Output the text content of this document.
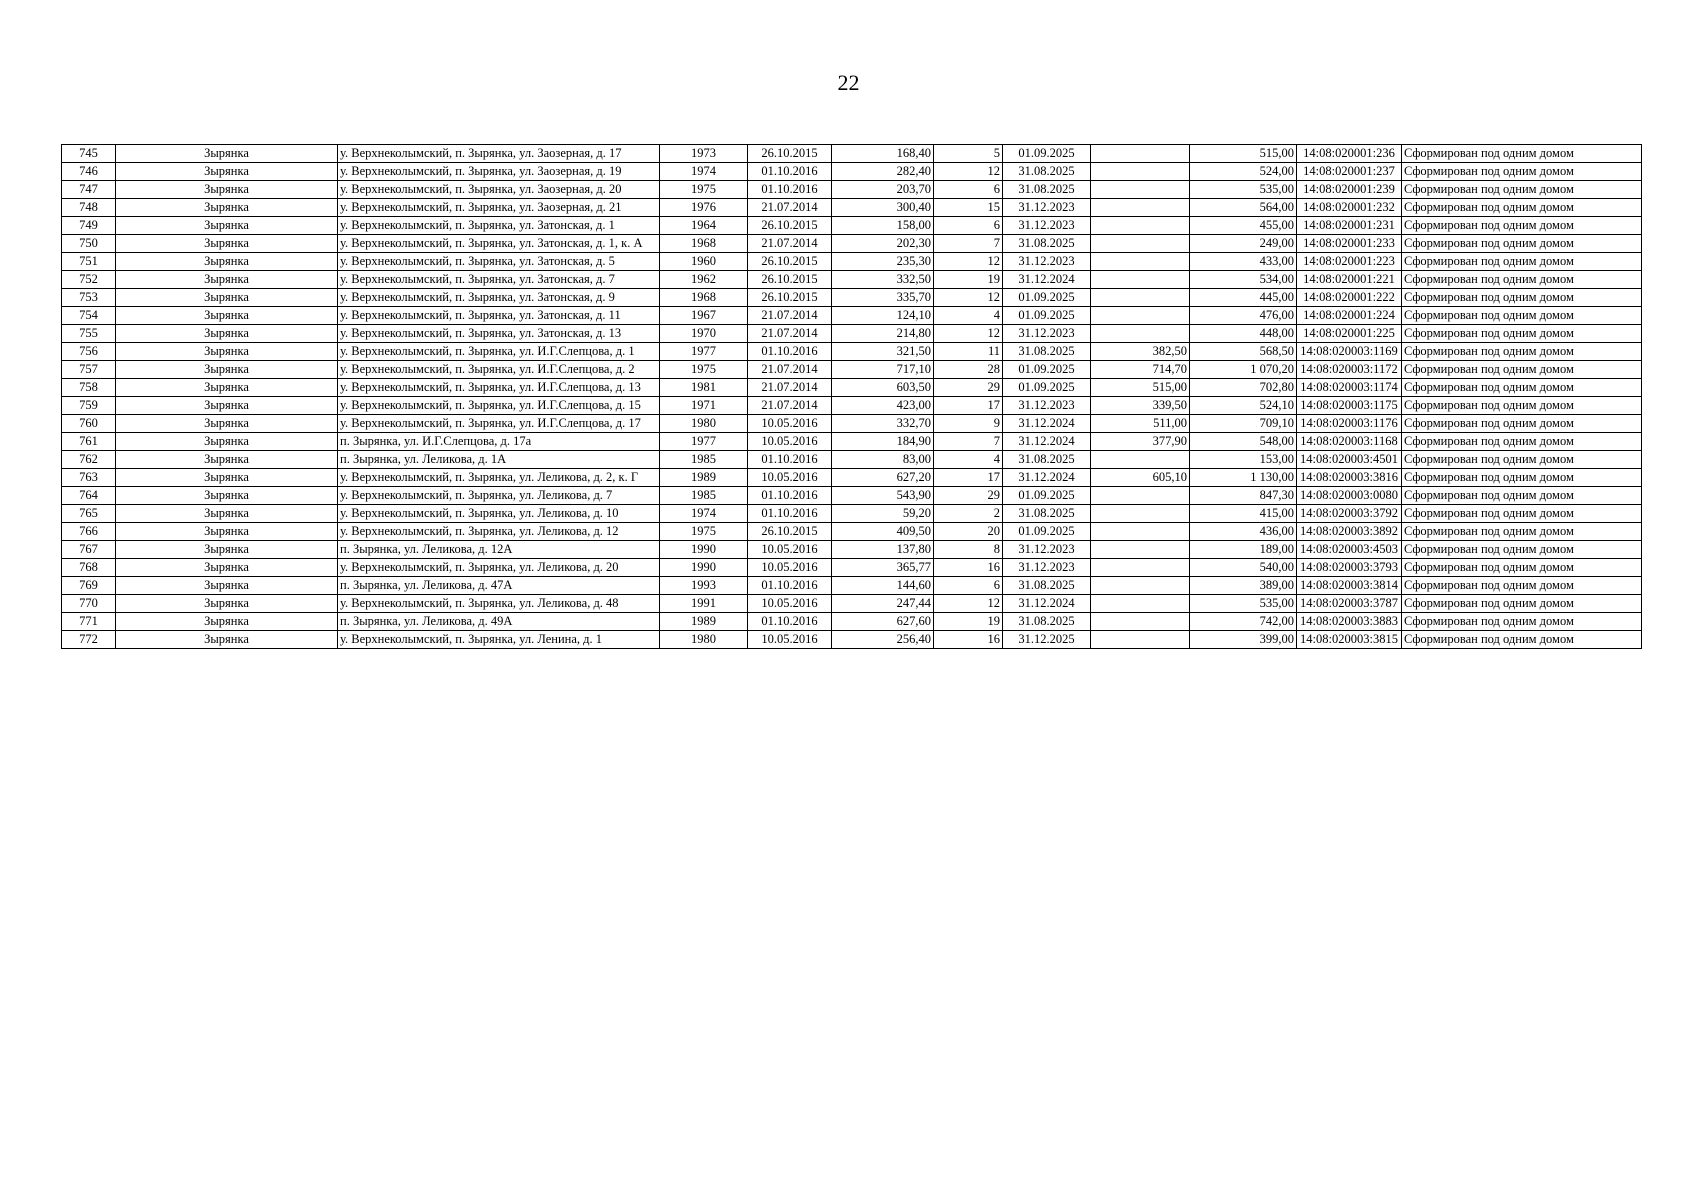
22
745	Зырянка	у. Верхнеколымский, п. Зырянка, ул. Заозерная, д. 17	1973	26.10.2015	168,40	5	01.09.2025		515,00	14:08:020001:236	Сформирован под одним домом
746	Зырянка	у. Верхнеколымский, п. Зырянка, ул. Заозерная, д. 19	1974	01.10.2016	282,40	12	31.08.2025		524,00	14:08:020001:237	Сформирован под одним домом
747	Зырянка	у. Верхнеколымский, п. Зырянка, ул. Заозерная, д. 20	1975	01.10.2016	203,70	6	31.08.2025		535,00	14:08:020001:239	Сформирован под одним домом
748	Зырянка	у. Верхнеколымский, п. Зырянка, ул. Заозерная, д. 21	1976	21.07.2014	300,40	15	31.12.2023		564,00	14:08:020001:232	Сформирован под одним домом
749	Зырянка	у. Верхнеколымский, п. Зырянка, ул. Затонская, д. 1	1964	26.10.2015	158,00	6	31.12.2023		455,00	14:08:020001:231	Сформирован под одним домом
750	Зырянка	у. Верхнеколымский, п. Зырянка, ул. Затонская, д. 1, к. А	1968	21.07.2014	202,30	7	31.08.2025		249,00	14:08:020001:233	Сформирован под одним домом
751	Зырянка	у. Верхнеколымский, п. Зырянка, ул. Затонская, д. 5	1960	26.10.2015	235,30	12	31.12.2023		433,00	14:08:020001:223	Сформирован под одним домом
752	Зырянка	у. Верхнеколымский, п. Зырянка, ул. Затонская, д. 7	1962	26.10.2015	332,50	19	31.12.2024		534,00	14:08:020001:221	Сформирован под одним домом
753	Зырянка	у. Верхнеколымский, п. Зырянка, ул. Затонская, д. 9	1968	26.10.2015	335,70	12	01.09.2025		445,00	14:08:020001:222	Сформирован под одним домом
754	Зырянка	у. Верхнеколымский, п. Зырянка, ул. Затонская, д. 11	1967	21.07.2014	124,10	4	01.09.2025		476,00	14:08:020001:224	Сформирован под одним домом
755	Зырянка	у. Верхнеколымский, п. Зырянка, ул. Затонская, д. 13	1970	21.07.2014	214,80	12	31.12.2023		448,00	14:08:020001:225	Сформирован под одним домом
756	Зырянка	у. Верхнеколымский, п. Зырянка, ул. И.Г.Слепцова, д. 1	1977	01.10.2016	321,50	11	31.08.2025	382,50	568,50	14:08:020003:1169	Сформирован под одним домом
757	Зырянка	у. Верхнеколымский, п. Зырянка, ул. И.Г.Слепцова, д. 2	1975	21.07.2014	717,10	28	01.09.2025	714,70	1 070,20	14:08:020003:1172	Сформирован под одним домом
758	Зырянка	у. Верхнеколымский, п. Зырянка, ул. И.Г.Слепцова, д. 13	1981	21.07.2014	603,50	29	01.09.2025	515,00	702,80	14:08:020003:1174	Сформирован под одним домом
759	Зырянка	у. Верхнеколымский, п. Зырянка, ул. И.Г.Слепцова, д. 15	1971	21.07.2014	423,00	17	31.12.2023	339,50	524,10	14:08:020003:1175	Сформирован под одним домом
760	Зырянка	у. Верхнеколымский, п. Зырянка, ул. И.Г.Слепцова, д. 17	1980	10.05.2016	332,70	9	31.12.2024	511,00	709,10	14:08:020003:1176	Сформирован под одним домом
761	Зырянка	п. Зырянка, ул. И.Г.Слепцова, д. 17а	1977	10.05.2016	184,90	7	31.12.2024	377,90	548,00	14:08:020003:1168	Сформирован под одним домом
762	Зырянка	п. Зырянка, ул. Леликова, д. 1А	1985	01.10.2016	83,00	4	31.08.2025		153,00	14:08:020003:4501	Сформирован под одним домом
763	Зырянка	у. Верхнеколымский, п. Зырянка, ул. Леликова, д. 2, к. Г	1989	10.05.2016	627,20	17	31.12.2024	605,10	1 130,00	14:08:020003:3816	Сформирован под одним домом
764	Зырянка	у. Верхнеколымский, п. Зырянка, ул. Леликова, д. 7	1985	01.10.2016	543,90	29	01.09.2025		847,30	14:08:020003:0080	Сформирован под одним домом
765	Зырянка	у. Верхнеколымский, п. Зырянка, ул. Леликова, д. 10	1974	01.10.2016	59,20	2	31.08.2025		415,00	14:08:020003:3792	Сформирован под одним домом
766	Зырянка	у. Верхнеколымский, п. Зырянка, ул. Леликова, д. 12	1975	26.10.2015	409,50	20	01.09.2025		436,00	14:08:020003:3892	Сформирован под одним домом
767	Зырянка	п. Зырянка, ул. Леликова, д. 12А	1990	10.05.2016	137,80	8	31.12.2023		189,00	14:08:020003:4503	Сформирован под одним домом
768	Зырянка	у. Верхнеколымский, п. Зырянка, ул. Леликова, д. 20	1990	10.05.2016	365,77	16	31.12.2023		540,00	14:08:020003:3793	Сформирован под одним домом
769	Зырянка	п. Зырянка, ул. Леликова, д. 47А	1993	01.10.2016	144,60	6	31.08.2025		389,00	14:08:020003:3814	Сформирован под одним домом
770	Зырянка	у. Верхнеколымский, п. Зырянка, ул. Леликова, д. 48	1991	10.05.2016	247,44	12	31.12.2024		535,00	14:08:020003:3787	Сформирован под одним домом
771	Зырянка	п. Зырянка, ул. Леликова, д. 49А	1989	01.10.2016	627,60	19	31.08.2025		742,00	14:08:020003:3883	Сформирован под одним домом
772	Зырянка	у. Верхнеколымский, п. Зырянка, ул. Ленина, д. 1	1980	10.05.2016	256,40	16	31.12.2025		399,00	14:08:020003:3815	Сформирован под одним домом
